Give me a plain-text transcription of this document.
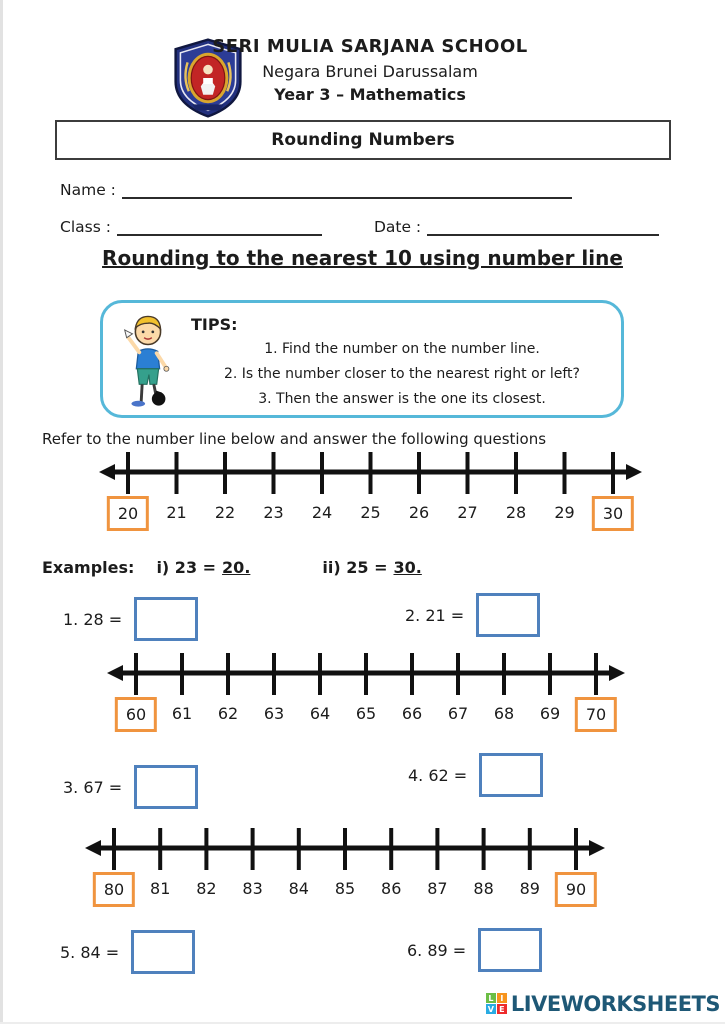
SERI MULIA SARJANA SCHOOL
Negara Brunei Darussalam
Year 3 – Mathematics
Rounding Numbers
Name :
Class :	Date :
Rounding to the nearest 10 using number line
TIPS:
1. Find the number on the number line.
2. Is the number closer to the nearest right or left?
3. Then the answer is the one its closest.
Refer to the number line below and answer the following questions
20	21 22 23 24 25 26 27 28 29	30
60	61 62 63 64 65 66 67 68 69	70
80	81 82 83 84 85 86 87 88 89	90
Examples: i) 23 = 20.	ii) 25 = 30.
1. 28 =	2. 21 =
3. 67 =
4. 62 =
5. 84 =	6. 89 =
L I
V E LIVEWORKSHEETS
